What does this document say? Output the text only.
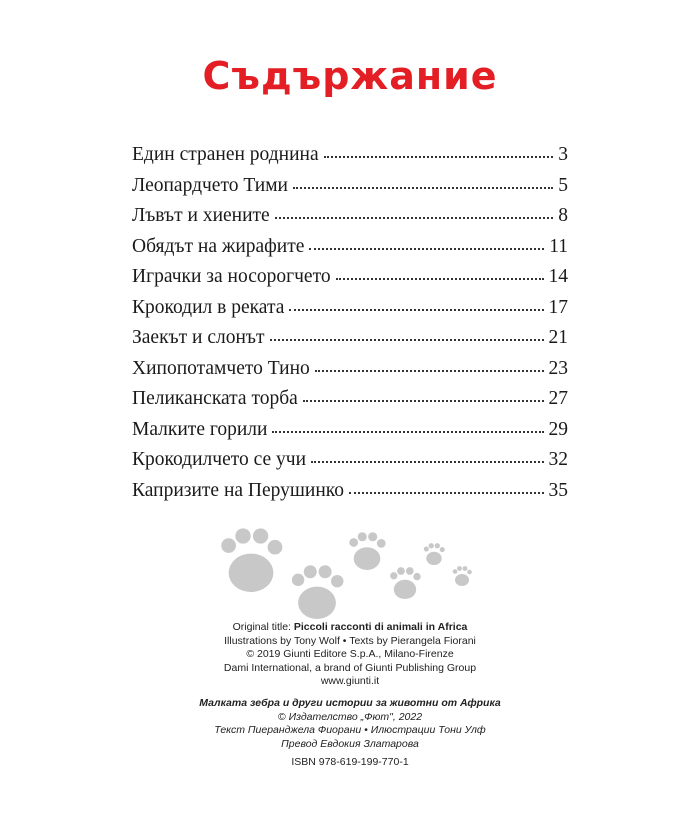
Съдържание
Един странен роднина	3
Леопардчето Тими	5
Лъвът и хиените	8
Обядът на жирафите	11
Играчки за носорогчето	14
Крокодил в реката	17
Заекът и слонът	21
Хипопотамчето Тино	23
Пеликанската торба	27
Малките горили	29
Крокодилчето се учи	32
Капризите на Перушинко	35
Original title: Piccoli racconti di animali in Africa
Illustrations by Tony Wolf • Texts by Pierangela Fiorani
© 2019 Giunti Editore S.p.A., Milano-Firenze
Dami International, a brand of Giunti Publishing Group
www.giunti.it
Малката зебра и други истории за животни от Африка
© Издателство „Фют", 2022
Текст Пиeранджела Фиорани • Илюстрации Тони Улф
Превод Евдокия Златарова
ISBN 978-619-199-770-1
